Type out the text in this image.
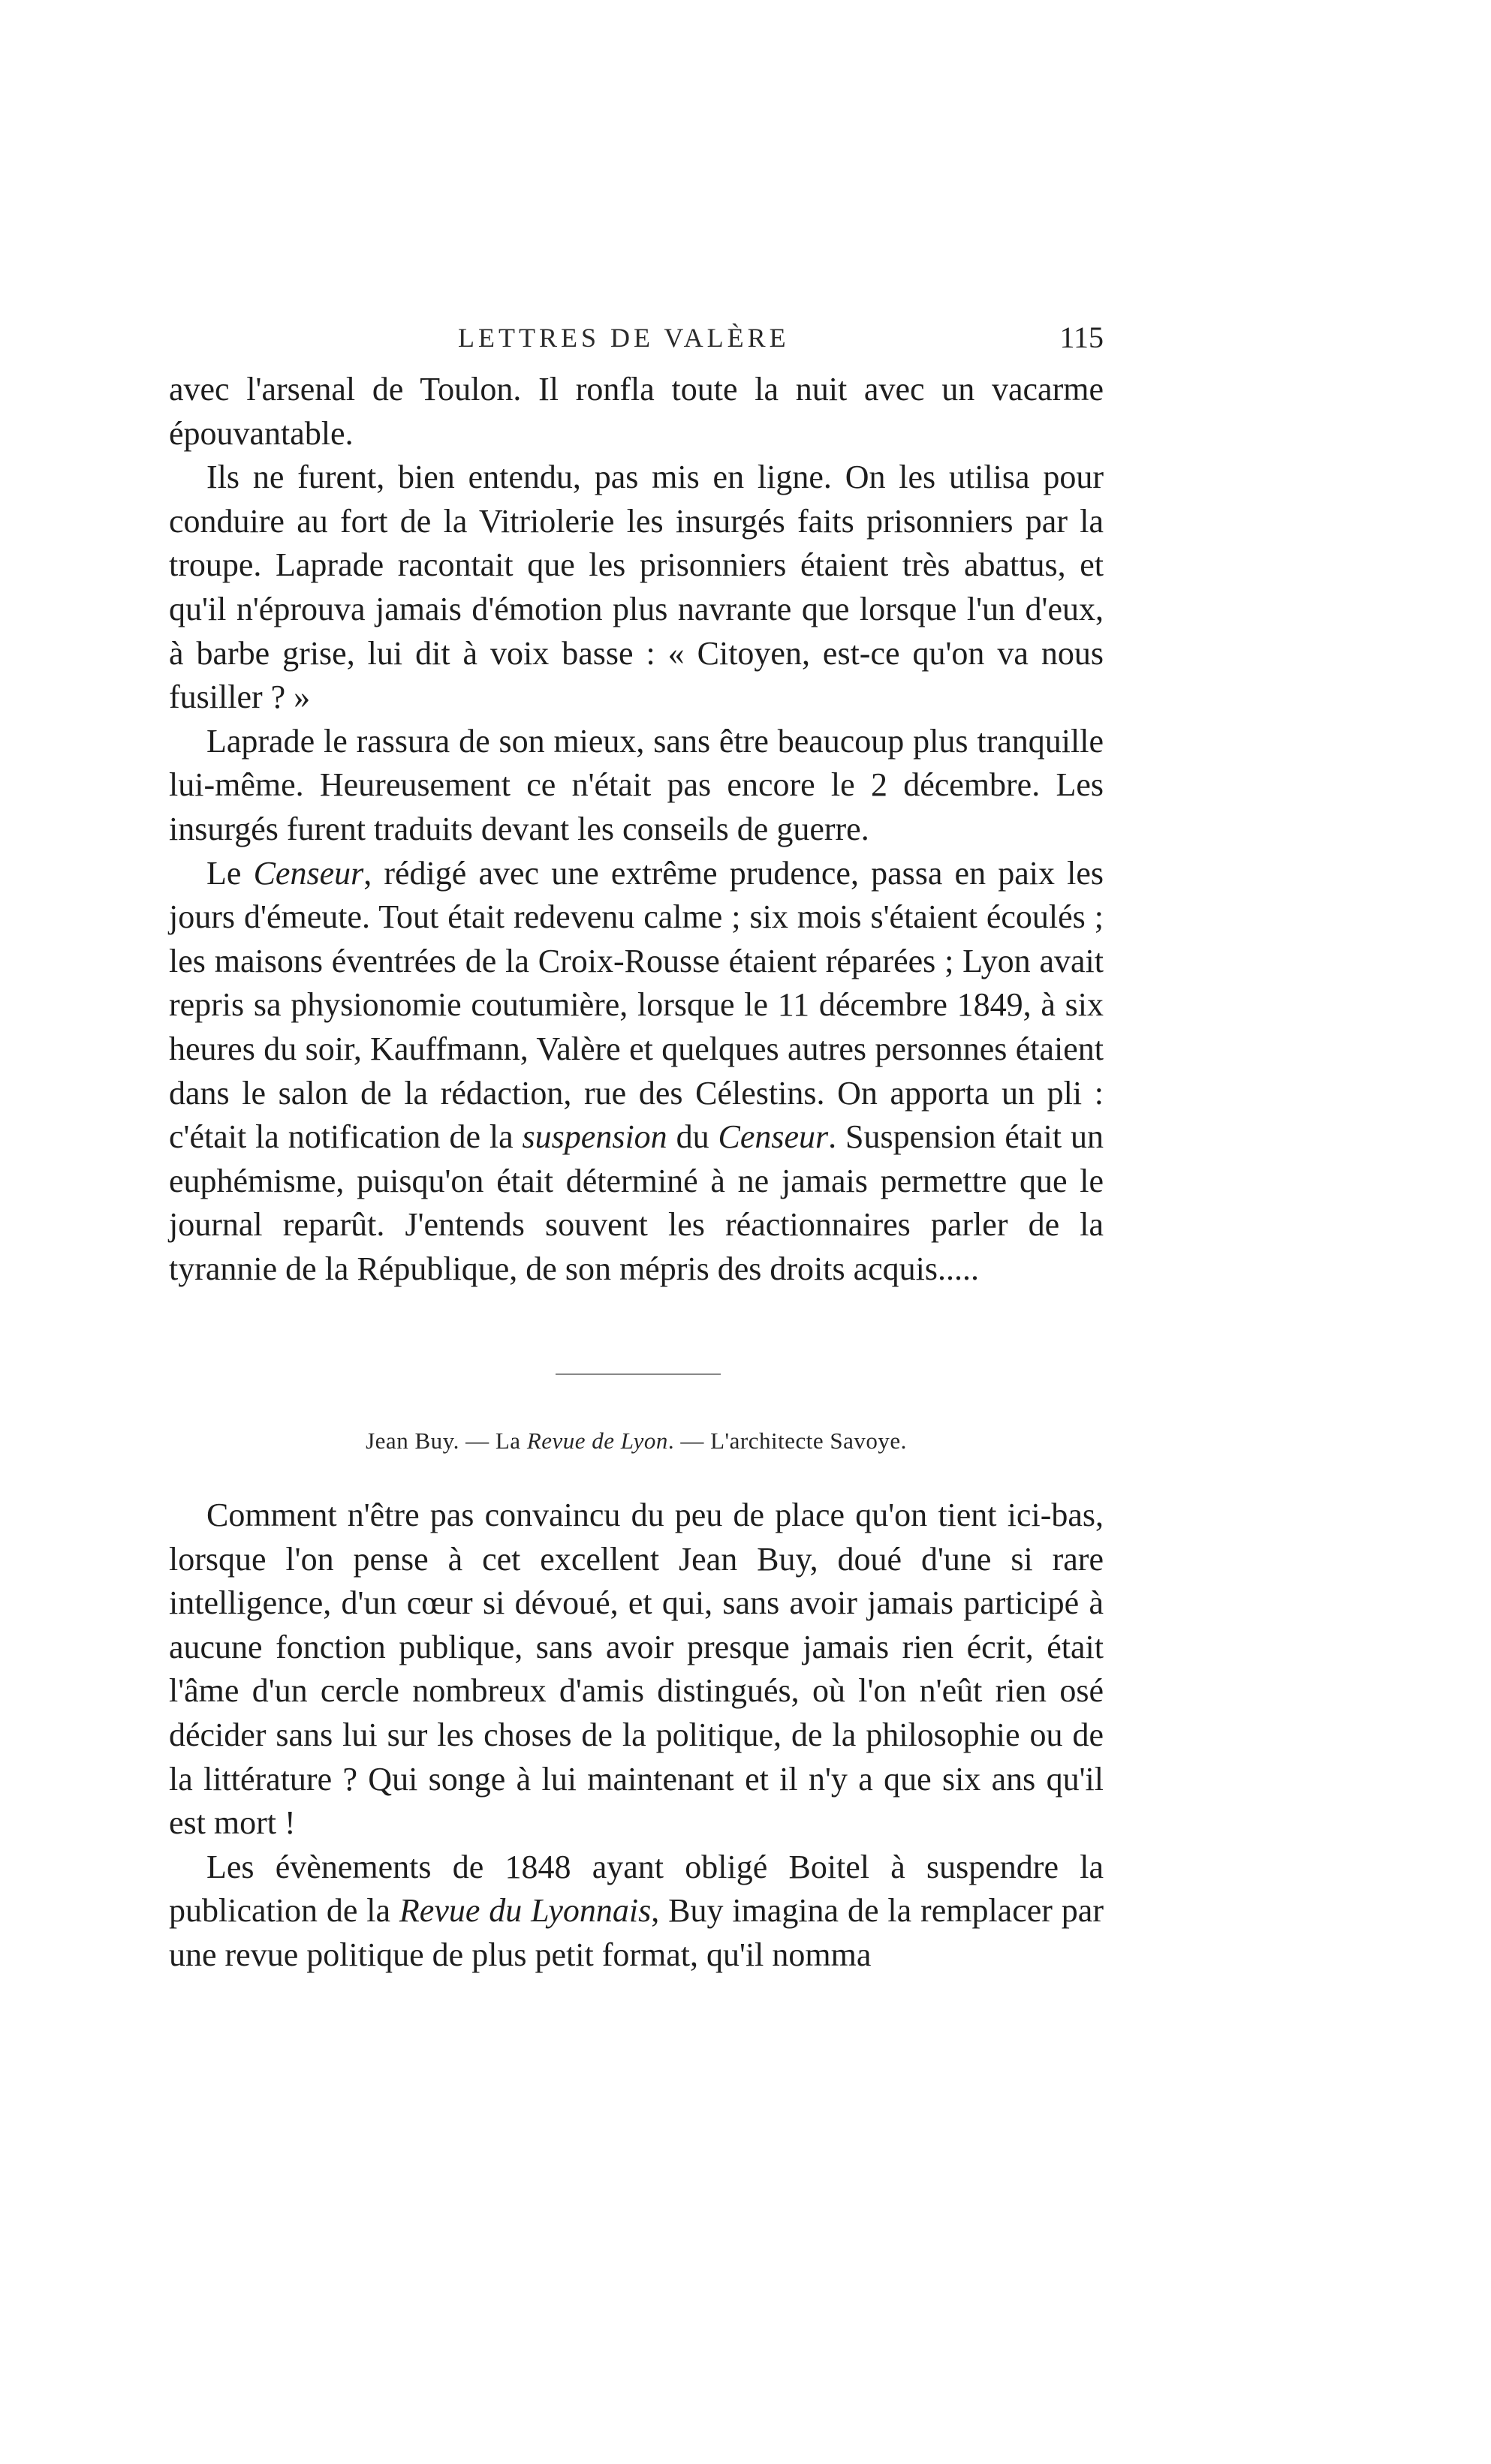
LETTRES DE VALÈRE	115

avec l'arsenal de Toulon. Il ronfla toute la nuit avec un vacarme épouvantable.

Ils ne furent, bien entendu, pas mis en ligne. On les utilisa pour conduire au fort de la Vitriolerie les insurgés faits prisonniers par la troupe. Laprade racontait que les prisonniers étaient très abattus, et qu'il n'éprouva jamais d'émotion plus navrante que lorsque l'un d'eux, à barbe grise, lui dit à voix basse : « Citoyen, est-ce qu'on va nous fusiller ? »

Laprade le rassura de son mieux, sans être beaucoup plus tranquille lui-même. Heureusement ce n'était pas encore le 2 décembre. Les insurgés furent traduits devant les conseils de guerre.

Le Censeur, rédigé avec une extrême prudence, passa en paix les jours d'émeute. Tout était redevenu calme ; six mois s'étaient écoulés ; les maisons éventrées de la Croix-Rousse étaient réparées ; Lyon avait repris sa physionomie coutumière, lorsque le 11 décembre 1849, à six heures du soir, Kauffmann, Valère et quelques autres personnes étaient dans le salon de la rédaction, rue des Célestins. On apporta un pli : c'était la notification de la suspension du Censeur. Suspension était un euphémisme, puisqu'on était déterminé à ne jamais permettre que le journal reparût. J'entends souvent les réactionnaires parler de la tyrannie de la République, de son mépris des droits acquis.....

Jean Buy. — La Revue de Lyon. — L'architecte Savoye.

Comment n'être pas convaincu du peu de place qu'on tient ici-bas, lorsque l'on pense à cet excellent Jean Buy, doué d'une si rare intelligence, d'un cœur si dévoué, et qui, sans avoir jamais participé à aucune fonction publique, sans avoir presque jamais rien écrit, était l'âme d'un cercle nombreux d'amis distingués, où l'on n'eût rien osé décider sans lui sur les choses de la politique, de la philosophie ou de la littérature ? Qui songe à lui maintenant et il n'y a que six ans qu'il est mort !

Les évènements de 1848 ayant obligé Boitel à suspendre la publication de la Revue du Lyonnais, Buy imagina de la remplacer par une revue politique de plus petit format, qu'il nomma
